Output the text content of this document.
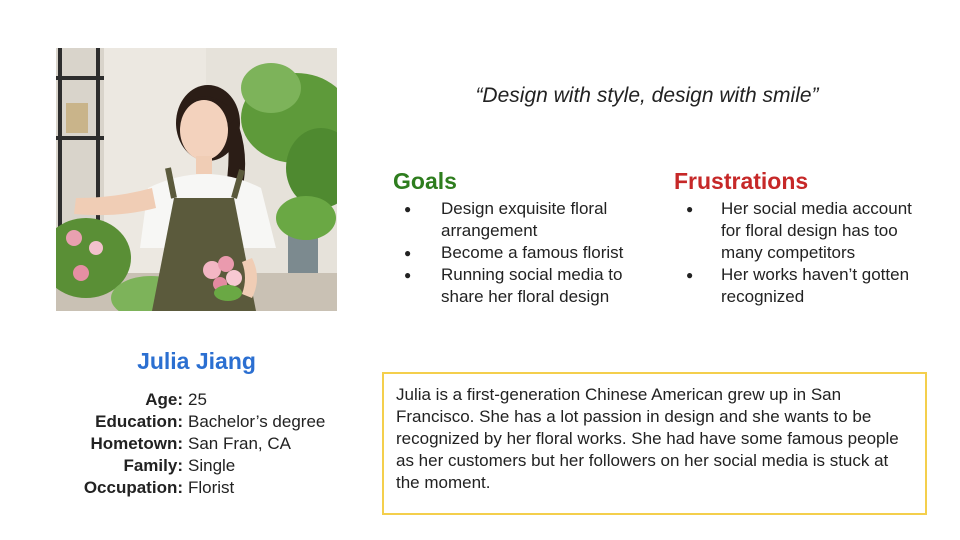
Julia Jiang
Age: 25
Education: Bachelor’s degree
Hometown: San Fran, CA
Family: Single
Occupation: Florist
“Design with style, design with smile”
Goals
● Design exquisite floral arrangement
● Become a famous florist
● Running social media to share her floral design
Frustrations
● Her social media account for floral design has too many competitors
● Her works haven’t gotten recognized
Julia is a first-generation Chinese American grew up in San Francisco. She has a lot passion in design and she wants to be recognized by her floral works. She had have some famous people as her customers but her followers on her social media is stuck at the moment.
